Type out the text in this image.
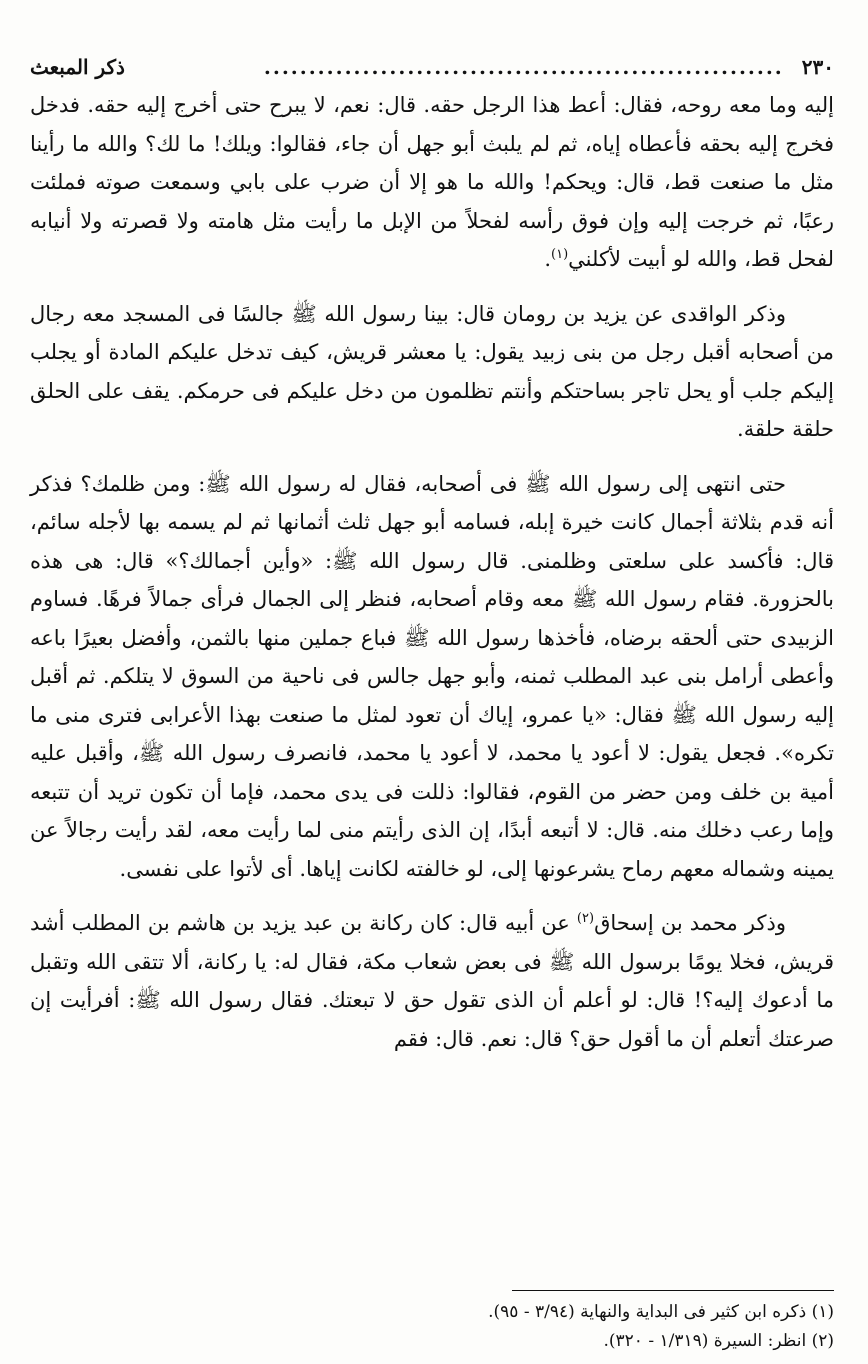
٢٣٠
..........................................................
ذكر المبعث

إليه وما معه روحه، فقال: أعط هذا الرجل حقه. قال: نعم، لا يبرح حتى أخرج إليه حقه. فدخل فخرج إليه بحقه فأعطاه إياه، ثم لم يلبث أبو جهل أن جاء، فقالوا: ويلك! ما لك؟ والله ما رأينا مثل ما صنعت قط، قال: ويحكم! والله ما هو إلا أن ضرب على بابي وسمعت صوته فملئت رعبًا، ثم خرجت إليه وإن فوق رأسه لفحلاً من الإبل ما رأيت مثل هامته ولا قصرته ولا أنيابه لفحل قط، والله لو أبيت لأكلني$^{(١)}$.

وذكر الواقدى عن يزيد بن رومان قال: بينا رسول الله ﷺ جالسًا فى المسجد معه رجال من أصحابه أقبل رجل من بنى زبيد يقول: يا معشر قريش، كيف تدخل عليكم المادة أو يجلب إليكم جلب أو يحل تاجر بساحتكم وأنتم تظلمون من دخل عليكم فى حرمكم. يقف على الحلق حلقة حلقة.

حتى انتهى إلى رسول الله ﷺ فى أصحابه، فقال له رسول الله ﷺ: ومن ظلمك؟ فذكر أنه قدم بثلاثة أجمال كانت خيرة إبله، فسامه أبو جهل ثلث أثمانها ثم لم يسمه بها لأجله سائم، قال: فأكسد على سلعتى وظلمنى. قال رسول الله ﷺ: «وأين أجمالك؟» قال: هى هذه بالحزورة. فقام رسول الله ﷺ معه وقام أصحابه، فنظر إلى الجمال فرأى جمالاً فرهًا. فساوم الزبيدى حتى ألحقه برضاه، فأخذها رسول الله ﷺ فباع جملين منها بالثمن، وأفضل بعيرًا باعه وأعطى أرامل بنى عبد المطلب ثمنه، وأبو جهل جالس فى ناحية من السوق لا يتلكم. ثم أقبل إليه رسول الله ﷺ فقال: «يا عمرو، إياك أن تعود لمثل ما صنعت بهذا الأعرابى فترى منى ما تكره». فجعل يقول: لا أعود يا محمد، لا أعود يا محمد، فانصرف رسول الله ﷺ، وأقبل عليه أمية بن خلف ومن حضر من القوم، فقالوا: ذللت فى يدى محمد، فإما أن تكون تريد أن تتبعه وإما رعب دخلك منه. قال: لا أتبعه أبدًا، إن الذى رأيتم منى لما رأيت معه، لقد رأيت رجالاً عن يمينه وشماله معهم رماح يشرعونها إلى، لو خالفته لكانت إياها. أى لأتوا على نفسى.

وذكر محمد بن إسحاق$^{(٢)}$ عن أبيه قال: كان ركانة بن عبد يزيد بن هاشم بن المطلب أشد قريش، فخلا يومًا برسول الله ﷺ فى بعض شعاب مكة، فقال له: يا ركانة، ألا تتقى الله وتقبل ما أدعوك إليه؟! قال: لو أعلم أن الذى تقول حق لا تبعتك. فقال رسول الله ﷺ: أفرأيت إن صرعتك أتعلم أن ما أقول حق؟ قال: نعم. قال: فقم

(١) ذكره ابن كثير فى البداية والنهاية (٣/٩٤ - ٩٥).
(٢) انظر: السيرة (١/٣١٩ - ٣٢٠).
